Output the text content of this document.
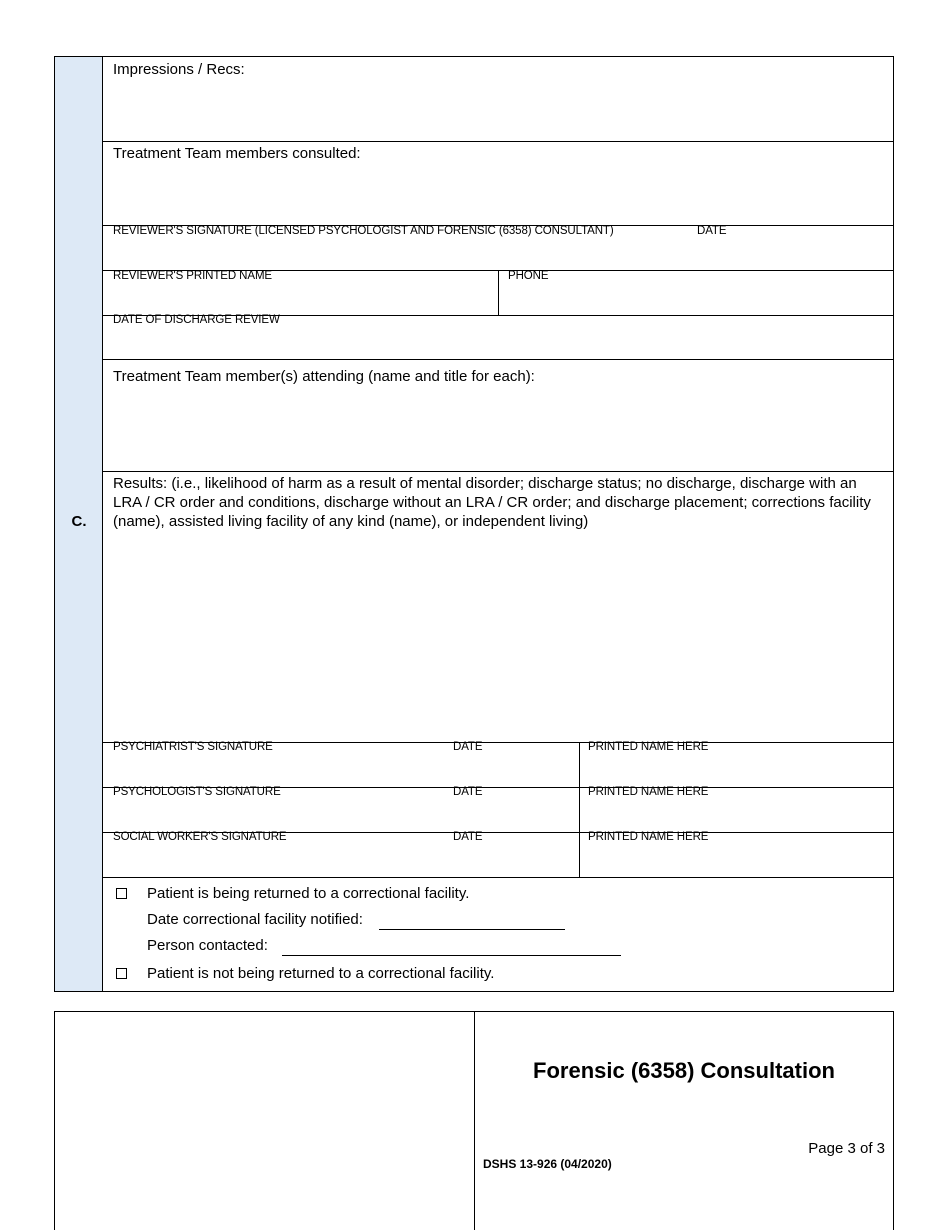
C.
Impressions / Recs:
Treatment Team members consulted:
REVIEWER'S SIGNATURE (LICENSED PSYCHOLOGIST AND FORENSIC (6358) CONSULTANT)	DATE
REVIEWER'S PRINTED NAME	PHONE
DATE OF DISCHARGE REVIEW
Treatment Team member(s) attending (name and title for each):
Results: (i.e., likelihood of harm as a result of mental disorder; discharge status; no discharge, discharge with an LRA / CR order and conditions, discharge without an LRA / CR order; and discharge placement; corrections facility (name), assisted living facility of any kind (name), or independent living)
PSYCHIATRIST'S SIGNATURE	DATE	PRINTED NAME HERE
PSYCHOLOGIST'S SIGNATURE	DATE	PRINTED NAME HERE
SOCIAL WORKER'S SIGNATURE	DATE	PRINTED NAME HERE
Patient is being returned to a correctional facility.
Date correctional facility notified:
Person contacted:
Patient is not being returned to a correctional facility.
Forensic (6358) Consultation
Page 3 of 3
DSHS 13-926 (04/2020)
